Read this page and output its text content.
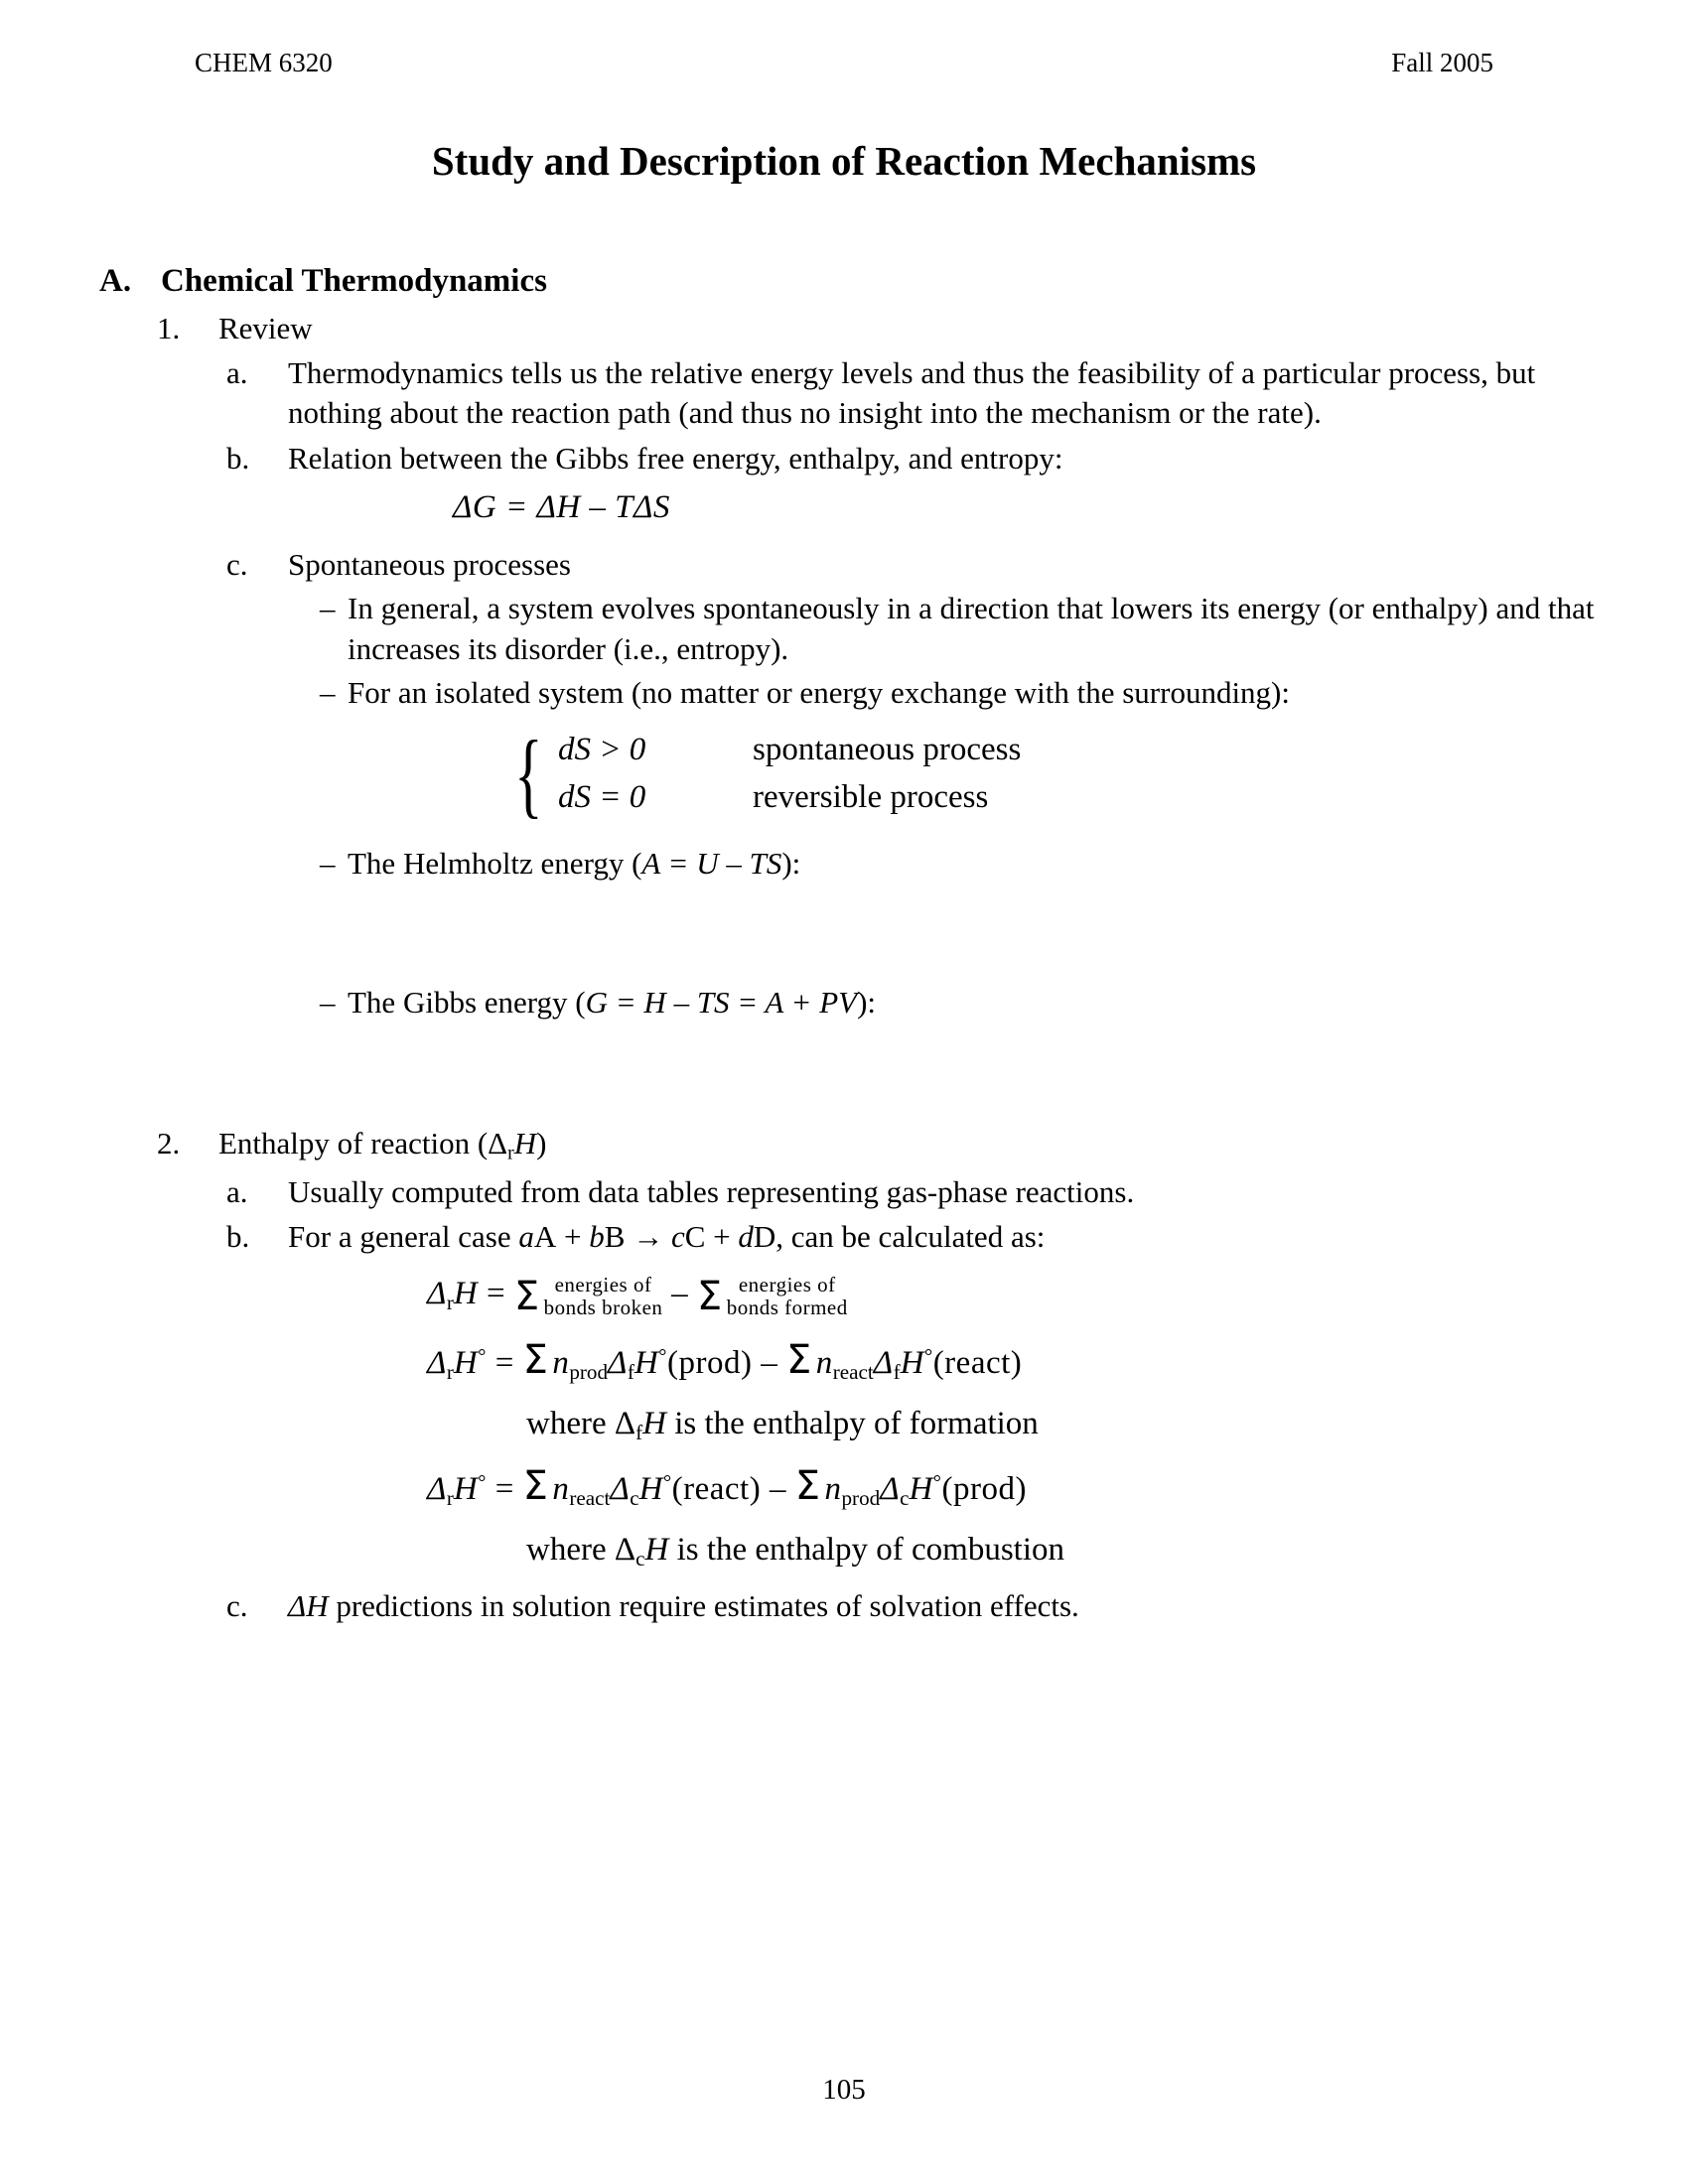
CHEM 6320	Fall 2005
Study and Description of Reaction Mechanisms
A. Chemical Thermodynamics
1.	Review
a.	Thermodynamics tells us the relative energy levels and thus the feasibility of a particular process, but nothing about the reaction path (and thus no insight into the mechanism or the rate).
b.	Relation between the Gibbs free energy, enthalpy, and entropy:
ΔG = ΔH – TΔS
c.	Spontaneous processes
– In general, a system evolves spontaneously in a direction that lowers its energy (or enthalpy) and that increases its disorder (i.e., entropy).
– For an isolated system (no matter or energy exchange with the surrounding):
{ dS > 0	spontaneous process
dS = 0	reversible process
– The Helmholtz energy (A = U – TS):
– The Gibbs energy (G = H – TS = A + PV):
2.	Enthalpy of reaction $(\Delta_rH)$
a.	Usually computed from data tables representing gas-phase reactions.
b.	For a general case aA + bB → cC + dD, can be calculated as:
$\Delta_rH = \Sigma$ energies of
bonds broken – Σ energies of
bonds formed
$\Delta_rH^\circ = \Sigma$ $n_{prod}\Delta_fH^\circ(prod)$ – Σ $n_{react}\Delta_fH^\circ(react)$
where $\Delta_fH$ is the enthalpy of formation
$\Delta_rH^\circ = \Sigma$ $n_{react}\Delta_cH^\circ(react)$ – Σ $n_{prod}\Delta_cH^\circ(prod)$
where $\Delta_cH$ is the enthalpy of combustion
c.	ΔH predictions in solution require estimates of solvation effects.
105
